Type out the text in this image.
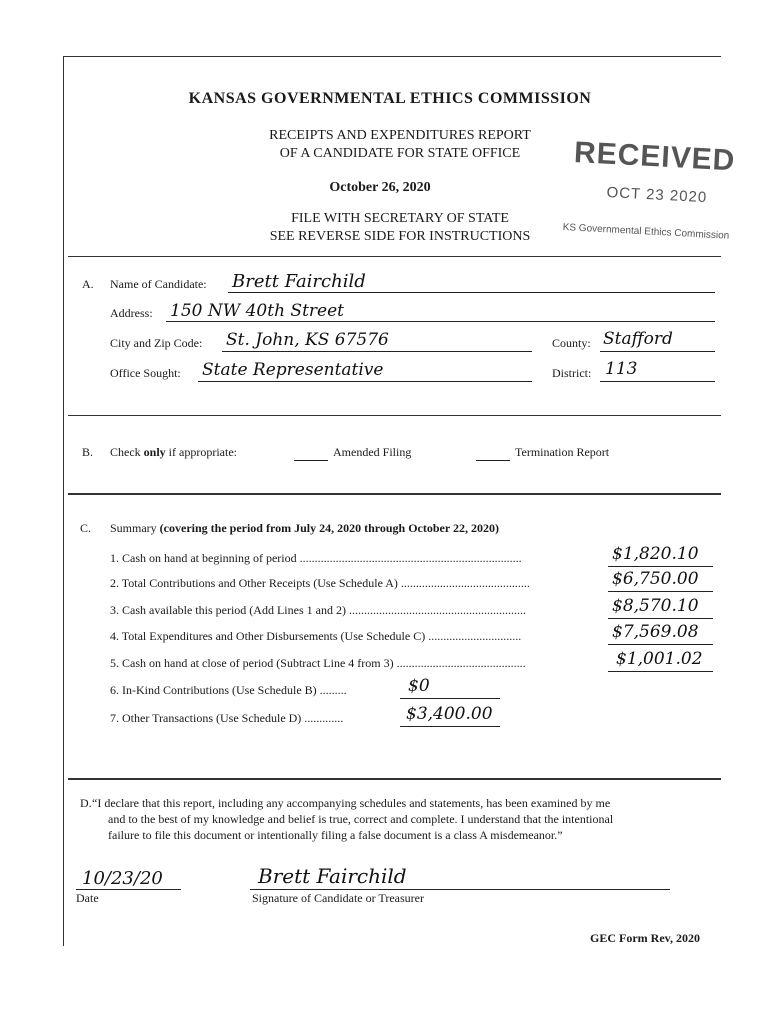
KANSAS GOVERNMENTAL ETHICS COMMISSION
RECEIPTS AND EXPENDITURES REPORT
OF A CANDIDATE FOR STATE OFFICE
October 26, 2020
FILE WITH SECRETARY OF STATE
SEE REVERSE SIDE FOR INSTRUCTIONS
RECEIVED
OCT 23 2020
KS Governmental Ethics Commission
A. Name of Candidate: Brett Fairchild
Address: 150 NW 40th Street
City and Zip Code: St. John, KS 67576	County: Stafford
Office Sought: State Representative	District: 113
B. Check only if appropriate:	Amended Filing	Termination Report
C. Summary (covering the period from July 24, 2020 through October 22, 2020)
1. Cash on hand at beginning of period ..........................................................................	$1,820.10
2. Total Contributions and Other Receipts (Use Schedule A) ...........................................	$6,750.00
3. Cash available this period (Add Lines 1 and 2) ...........................................................	$8,570.10
4. Total Expenditures and Other Disbursements (Use Schedule C) ...............................	$7,569.08
5. Cash on hand at close of period (Subtract Line 4 from 3) ...........................................	$1,001.02
6. In-Kind Contributions (Use Schedule B) .........	$0
7. Other Transactions (Use Schedule D) .............	$3,400.00
D. “I declare that this report, including any accompanying schedules and statements, has been examined by me
and to the best of my knowledge and belief is true, correct and complete. I understand that the intentional
failure to file this document or intentionally filing a false document is a class A misdemeanor.”
10/23/20
Date
Brett Fairchild
Signature of Candidate or Treasurer
GEC Form Rev, 2020
